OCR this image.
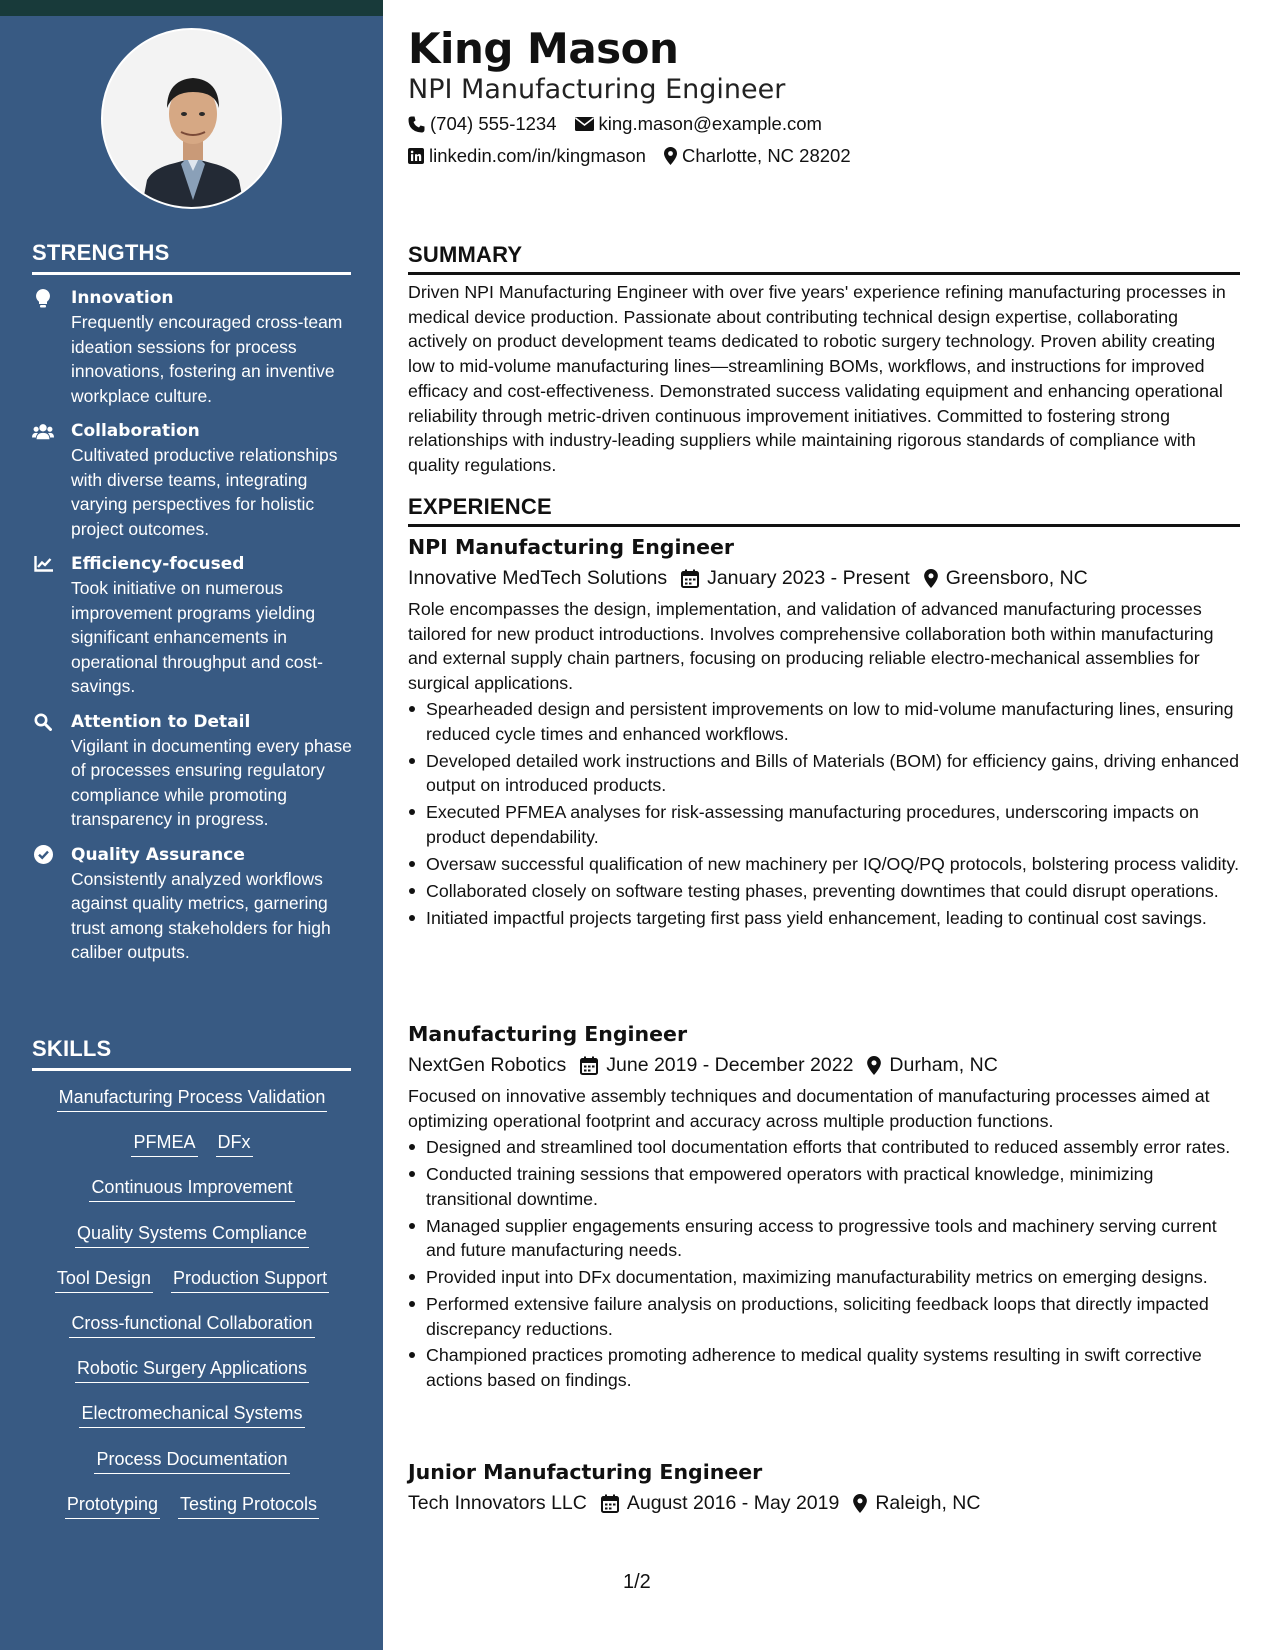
STRENGTHS
Innovation
Frequently encouraged cross-team ideation sessions for process innovations, fostering an inventive workplace culture.
Collaboration
Cultivated productive relationships with diverse teams, integrating varying perspectives for holistic project outcomes.
Efficiency-focused
Took initiative on numerous improvement programs yielding significant enhancements in operational throughput and cost-savings.
Attention to Detail
Vigilant in documenting every phase of processes ensuring regulatory compliance while promoting transparency in progress.
Quality Assurance
Consistently analyzed workflows against quality metrics, garnering trust among stakeholders for high caliber outputs.
SKILLS
Manufacturing Process Validation
PFMEA DFx
Continuous Improvement
Quality Systems Compliance
Tool Design Production Support
Cross-functional Collaboration
Robotic Surgery Applications
Electromechanical Systems
Process Documentation
Prototyping Testing Protocols
King Mason
NPI Manufacturing Engineer
(704) 555-1234 king.mason@example.com
linkedin.com/in/kingmason Charlotte, NC 28202
SUMMARY

Driven NPI Manufacturing Engineer with over five years' experience refining manufacturing processes in medical device production. Passionate about contributing technical design expertise, collaborating actively on product development teams dedicated to robotic surgery technology. Proven ability creating low to mid-volume manufacturing lines—streamlining BOMs, workflows, and instructions for improved efficacy and cost-effectiveness. Demonstrated success validating equipment and enhancing operational reliability through metric-driven continuous improvement initiatives. Committed to fostering strong relationships with industry-leading suppliers while maintaining rigorous standards of compliance with quality regulations.

EXPERIENCE
NPI Manufacturing Engineer
Innovative MedTech Solutions January 2023 - Present Greensboro, NC

Role encompasses the design, implementation, and validation of advanced manufacturing processes tailored for new product introductions. Involves comprehensive collaboration both within manufacturing and external supply chain partners, focusing on producing reliable electro-mechanical assemblies for surgical applications.

Spearheaded design and persistent improvements on low to mid-volume manufacturing lines, ensuring reduced cycle times and enhanced workflows.
Developed detailed work instructions and Bills of Materials (BOM) for efficiency gains, driving enhanced output on introduced products.
Executed PFMEA analyses for risk-assessing manufacturing procedures, underscoring impacts on product dependability.
Oversaw successful qualification of new machinery per IQ/OQ/PQ protocols, bolstering process validity.
Collaborated closely on software testing phases, preventing downtimes that could disrupt operations.
Initiated impactful projects targeting first pass yield enhancement, leading to continual cost savings.
Manufacturing Engineer
NextGen Robotics June 2019 - December 2022 Durham, NC

Focused on innovative assembly techniques and documentation of manufacturing processes aimed at optimizing operational footprint and accuracy across multiple production functions.

Designed and streamlined tool documentation efforts that contributed to reduced assembly error rates.
Conducted training sessions that empowered operators with practical knowledge, minimizing transitional downtime.
Managed supplier engagements ensuring access to progressive tools and machinery serving current and future manufacturing needs.
Provided input into DFx documentation, maximizing manufacturability metrics on emerging designs.
Performed extensive failure analysis on productions, soliciting feedback loops that directly impacted discrepancy reductions.
Championed practices promoting adherence to medical quality systems resulting in swift corrective actions based on findings.
Junior Manufacturing Engineer
Tech Innovators LLC August 2016 - May 2019 Raleigh, NC
1/2
